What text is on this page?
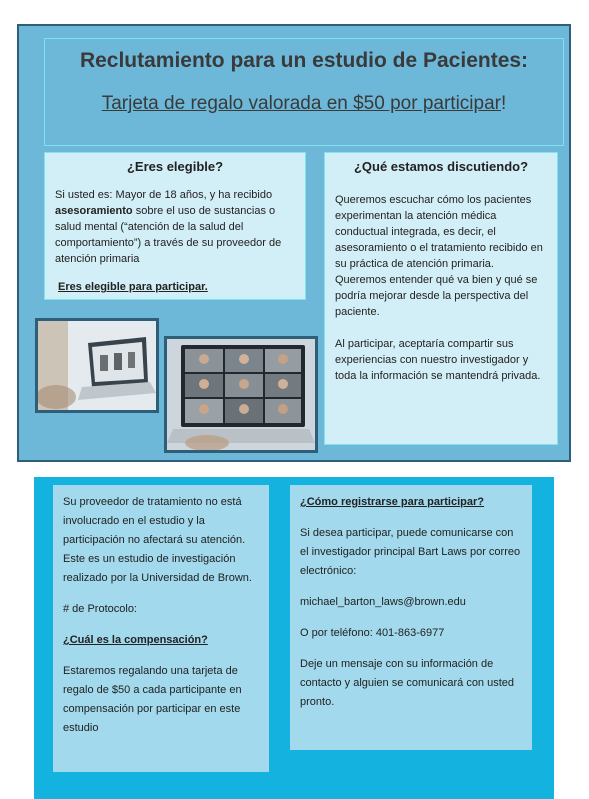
Reclutamiento para un estudio de Pacientes:
Tarjeta de regalo valorada en $50 por participar!
¿Eres elegible?

Si usted es: Mayor de 18 años, y ha recibido asesoramiento sobre el uso de sustancias o salud mental (“atención de la salud del comportamiento”) a través de su proveedor de atención primaria

Eres elegible para participar.

¿Qué estamos discutiendo?

Queremos escuchar cómo los pacientes experimentan la atención médica conductual integrada, es decir, el asesoramiento o el tratamiento recibido en su práctica de atención primaria. Queremos entender qué va bien y qué se podría mejorar desde la perspectiva del paciente.

Al participar, aceptaría compartir sus experiencias con nuestro investigador y toda la información se mantendrá privada.

Su proveedor de tratamiento no está involucrado en el estudio y la participación no afectará su atención. Este es un estudio de investigación realizado por la Universidad de Brown.

# de Protocolo:

¿Cuál es la compensación?

Estaremos regalando una tarjeta de regalo de $50 a cada participante en compensación por participar en este estudio

¿Cómo registrarse para participar?

Si desea participar, puede comunicarse con el investigador principal Bart Laws por correo electrónico:

michael_barton_laws@brown.edu

O por teléfono: 401-863-6977

Deje un mensaje con su información de contacto y alguien se comunicará con usted pronto.
